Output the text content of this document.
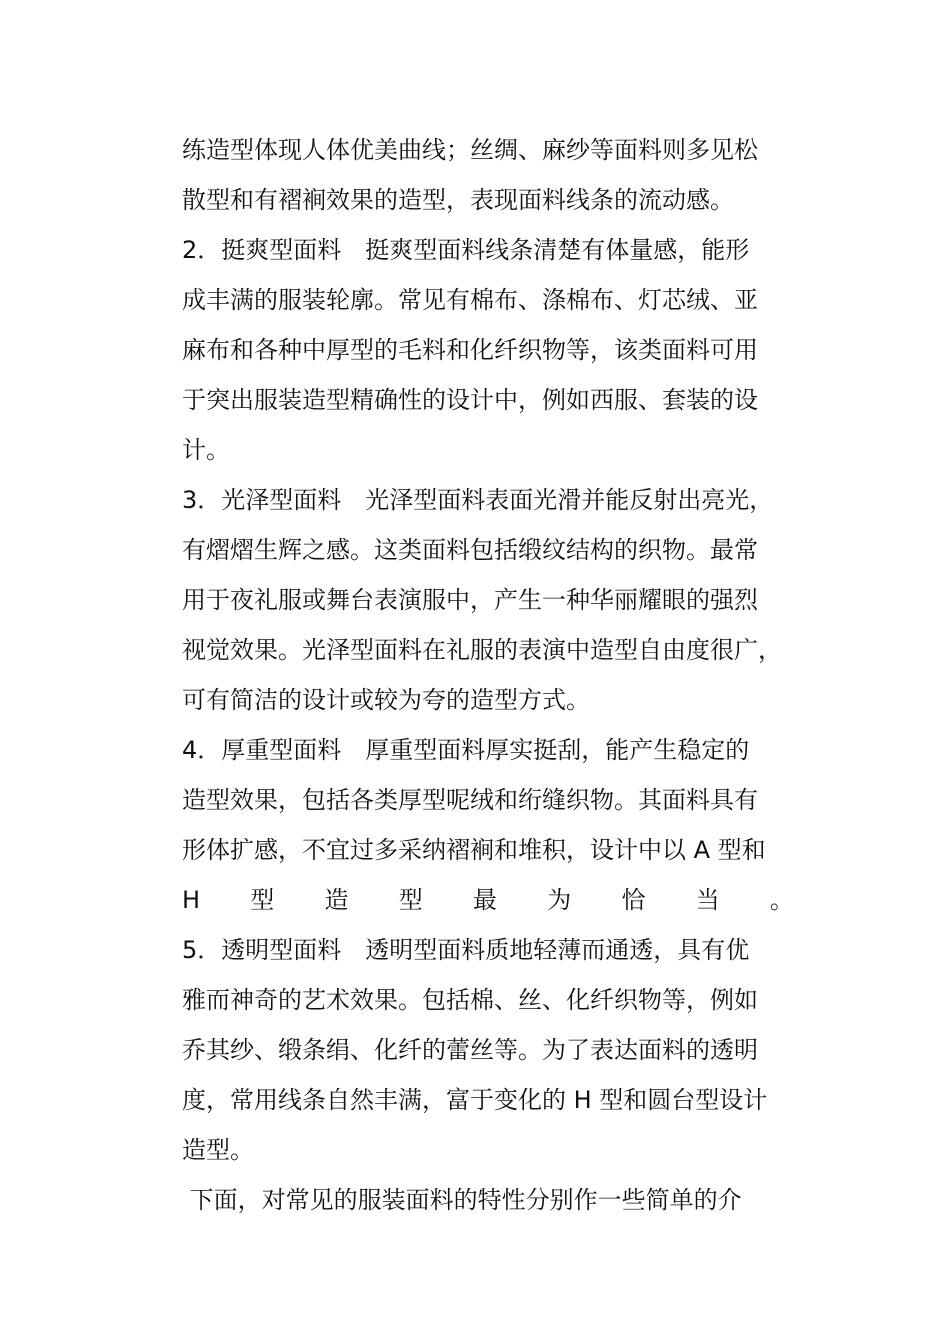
练造型体现人体优美曲线；丝绸、麻纱等面料则多见松
散型和有褶裥效果的造型，表现面料线条的流动感。
2．挺爽型面料　挺爽型面料线条清楚有体量感，能形
成丰满的服装轮廓。常见有棉布、涤棉布、灯芯绒、亚
麻布和各种中厚型的毛料和化纤织物等，该类面料可用
于突出服装造型精确性的设计中，例如西服、套装的设
计。
3．光泽型面料　光泽型面料表面光滑并能反射出亮光，
有熠熠生辉之感。这类面料包括缎纹结构的织物。最常
用于夜礼服或舞台表演服中，产生一种华丽耀眼的强烈
视觉效果。光泽型面料在礼服的表演中造型自由度很广，
可有简洁的设计或较为夸的造型方式。
4．厚重型面料　厚重型面料厚实挺刮，能产生稳定的
造型效果，包括各类厚型呢绒和绗缝织物。其面料具有
形体扩感，不宜过多采纳褶裥和堆积，设计中以 A 型和
H 型 造 型 最 为 恰 当 。
5．透明型面料　透明型面料质地轻薄而通透，具有优
雅而神奇的艺术效果。包括棉、丝、化纤织物等，例如
乔其纱、缎条绢、化纤的蕾丝等。为了表达面料的透明
度，常用线条自然丰满，富于变化的 H 型和圆台型设计
造型。
下面，对常见的服装面料的特性分别作一些简单的介
